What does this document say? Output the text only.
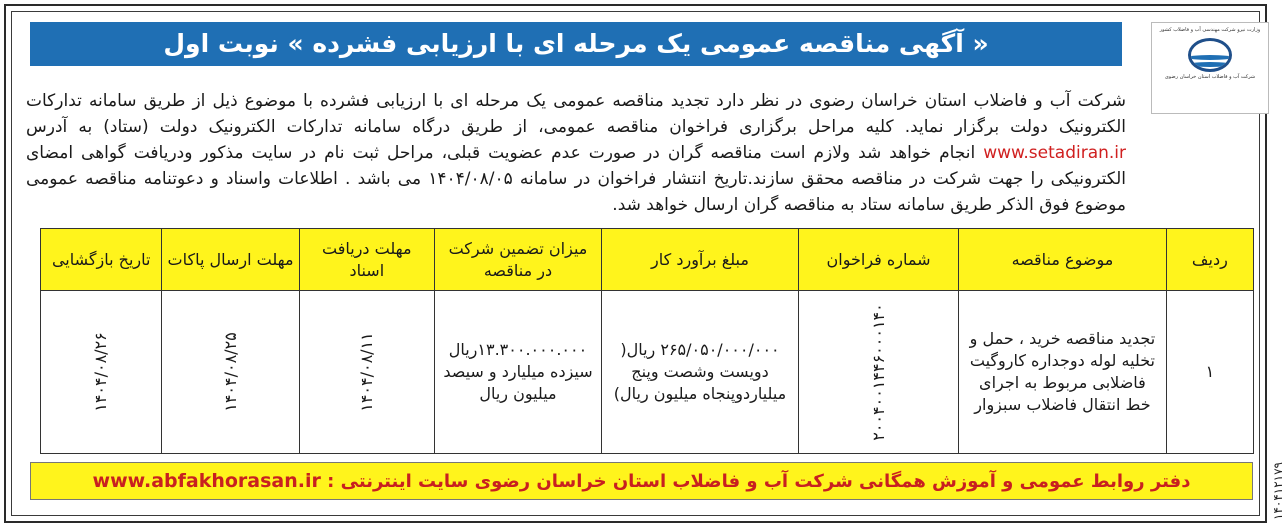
وزارت نیرو شرکت مهندسی آب و فاضلاب کشور
شرکت آب و فاضلاب استان خراسان رضوی
« آگهی مناقصه عمومی یک مرحله ای با ارزیابی فشرده » نوبت اول
شرکت آب و فاضلاب استان خراسان رضوی در نظر دارد تجدید مناقصه عمومی یک مرحله ای با ارزیابی فشرده با موضوع ذیل از طریق سامانه تدارکات الکترونیک دولت برگزار نماید. کلیه مراحل برگزاری فراخوان مناقصه عمومی، از طریق درگاه سامانه تدارکات الکترونیک دولت (ستاد) به آدرس www.setadiran.ir انجام خواهد شد ولازم است مناقصه گران در صورت عدم عضویت قبلی، مراحل ثبت نام در سایت مذکور ودریافت گواهی امضای الکترونیکی را جهت شرکت در مناقصه محقق سازند.تاریخ انتشار فراخوان در سامانه ۱۴۰۴/۰۸/۰۵ می باشد . اطلاعات واسناد و دعوتنامه مناقصه عمومی موضوع فوق الذکر طریق سامانه ستاد به مناقصه گران ارسال خواهد شد.
ردیف	موضوع مناقصه	شماره فراخوان	مبلغ برآورد کار	میزان تضمین شرکت در مناقصه	مهلت دریافت اسناد	مهلت ارسال پاکات	تاریخ بازگشایی
۱	تجدید مناقصه خرید ، حمل و تخلیه لوله دوجداره کاروگیت فاضلابی مربوط به اجرای خط انتقال فاضلاب سبزوار	۲۰۰۴۰۰۱۴۴۶۰۰۰۱۴۰	۲۶۵/۰۵۰/۰۰۰/۰۰۰ ریال( دویست وشصت وپنج میلیاردوپنجاه میلیون ریال)	۱۳.۳۰۰.۰۰۰.۰۰۰ریال سیزده میلیارد و سیصد میلیون ریال	۱۴۰۴/۰۸/۱۱	۱۴۰۴/۰۸/۲۵	۱۴۰۴/۰۸/۲۶
دفتر روابط عمومی و آموزش همگانی شرکت آب و فاضلاب استان خراسان رضوی سایت اینترنتی : www.abfakhorasan.ir	۱۴۰۴۱۲۱۷۹
